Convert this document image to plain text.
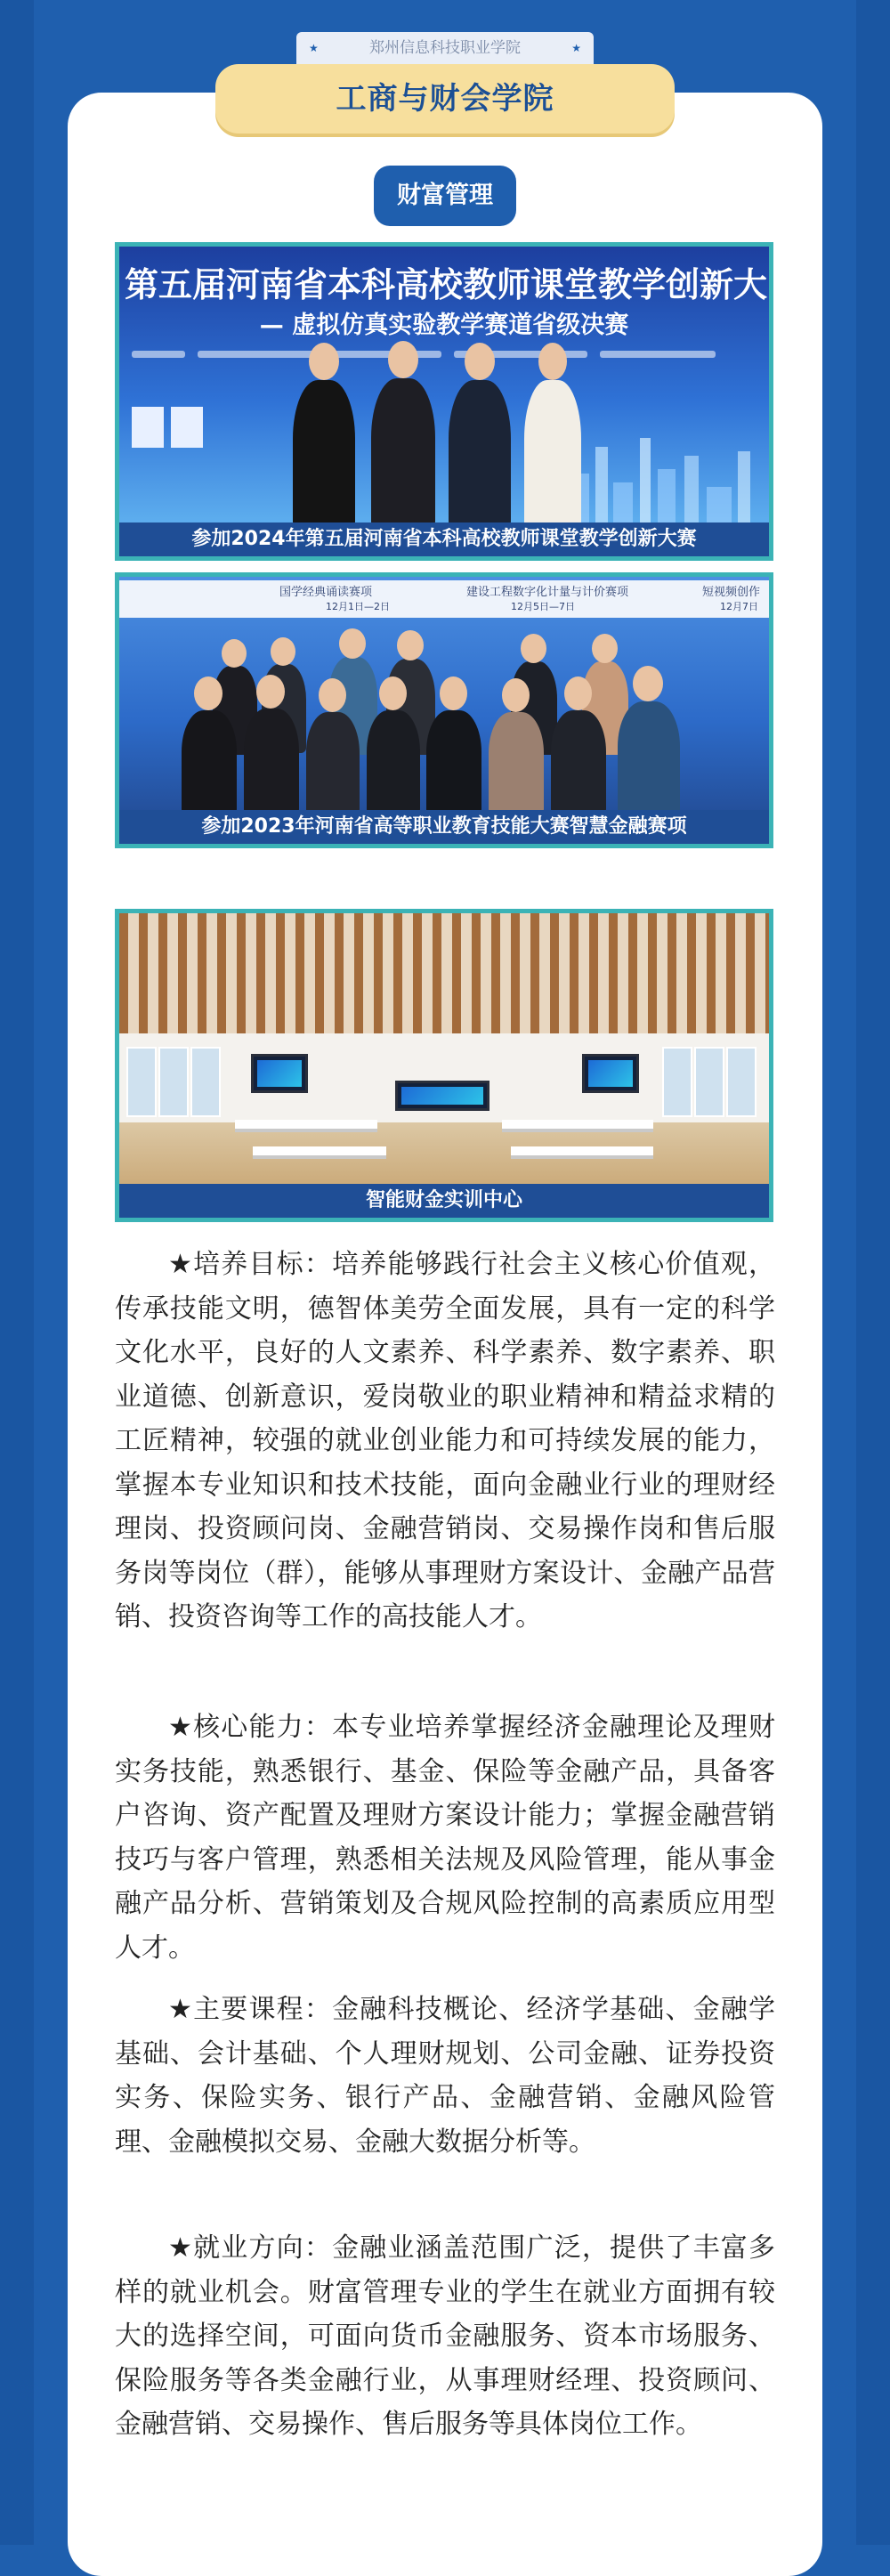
★	郑州信息科技职业学院	★
工商与财会学院
财富管理
第五届河南省本科高校教师课堂教学创新大
— 虚拟仿真实验教学赛道省级决赛
参加2024年第五届河南省本科高校教师课堂教学创新大赛
国学经典诵读赛项	建设工程数字化计量与计价赛项	短视频创作
12月1日—2日	12月5日—7日	12月7日
参加2023年河南省高等职业教育技能大赛智慧金融赛项
智能财金实训中心

★培养目标：培养能够践行社会主义核心价值观，传承技能文明，德智体美劳全面发展，具有一定的科学文化水平，良好的人文素养、科学素养、数字素养、职业道德、创新意识，爱岗敬业的职业精神和精益求精的工匠精神，较强的就业创业能力和可持续发展的能力，掌握本专业知识和技术技能，面向金融业行业的理财经理岗、投资顾问岗、金融营销岗、交易操作岗和售后服务岗等岗位（群），能够从事理财方案设计、金融产品营销、投资咨询等工作的高技能人才。

★核心能力：本专业培养掌握经济金融理论及理财实务技能，熟悉银行、基金、保险等金融产品，具备客户咨询、资产配置及理财方案设计能力；掌握金融营销技巧与客户管理，熟悉相关法规及风险管理，能从事金融产品分析、营销策划及合规风险控制的高素质应用型人才。

★主要课程：金融科技概论、经济学基础、金融学基础、会计基础、个人理财规划、公司金融、证券投资实务、保险实务、银行产品、金融营销、金融风险管理、金融模拟交易、金融大数据分析等。

★就业方向：金融业涵盖范围广泛，提供了丰富多样的就业机会。财富管理专业的学生在就业方面拥有较大的选择空间，可面向货币金融服务、资本市场服务、保险服务等各类金融行业，从事理财经理、投资顾问、金融营销、交易操作、售后服务等具体岗位工作。
